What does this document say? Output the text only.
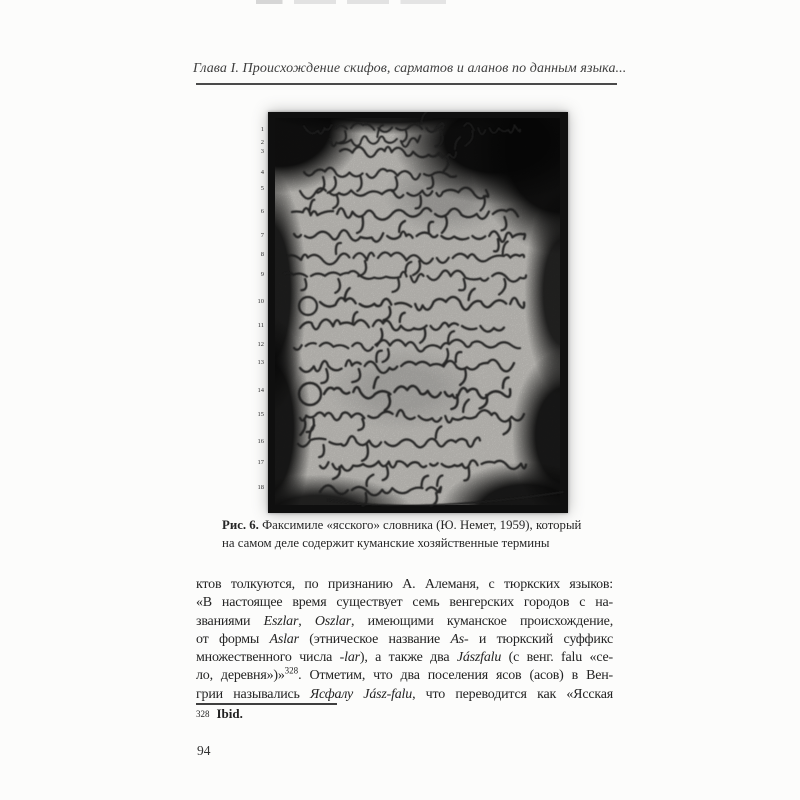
Глава I. Происхождение скифов, сарматов и аланов по данным языка...
1
2
3
4
5
6
7
8
9
10
11
12
13
14
15
16
17
18
Рис. 6. Факсимиле «ясского» словника (Ю. Немет, 1959), который
на самом деле содержит куманские хозяйственные термины
ктов толкуются, по признанию А. Алеманя, с тюркских языков:
«В настоящее время существует семь венгерских городов с на-
званиями Eszlar, Oszlar, имеющими куманское происхождение,
от формы Aslar (этническое название As- и тюркский суффикс
множественного числа -lar), а также два Jászfalu (с венг. falu «се-
ло, деревня»)»$^{328}$. Отметим, что два поселения ясов (асов) в Вен-
грии назывались Ясфалу Jász-falu, что переводится как «Ясская
328 Ibid.
94
